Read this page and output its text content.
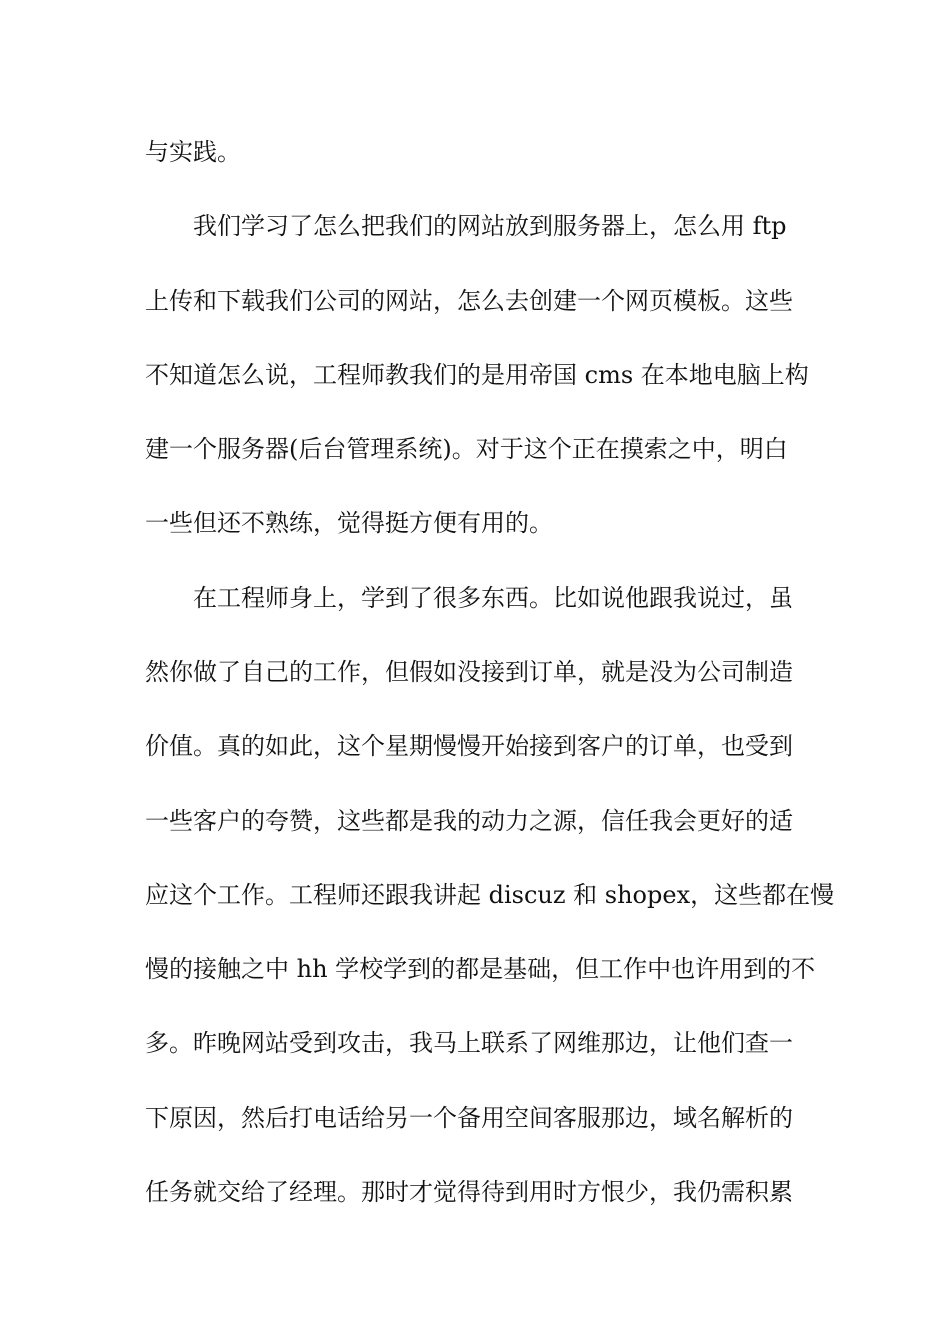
与实践。
我们学习了怎么把我们的网站放到服务器上，怎么用 ftp
上传和下载我们公司的网站，怎么去创建一个网页模板。这些
不知道怎么说，工程师教我们的是用帝国 cms 在本地电脑上构
建一个服务器(后台管理系统)。对于这个正在摸索之中，明白
一些但还不熟练，觉得挺方便有用的。
在工程师身上，学到了很多东西。比如说他跟我说过，虽
然你做了自己的工作，但假如没接到订单，就是没为公司制造
价值。真的如此，这个星期慢慢开始接到客户的订单，也受到
一些客户的夸赞，这些都是我的动力之源，信任我会更好的适
应这个工作。工程师还跟我讲起 discuz 和 shopex，这些都在慢
慢的接触之中 hh 学校学到的都是基础，但工作中也许用到的不
多。昨晚网站受到攻击，我马上联系了网维那边，让他们查一
下原因，然后打电话给另一个备用空间客服那边，域名解析的
任务就交给了经理。那时才觉得待到用时方恨少，我仍需积累
